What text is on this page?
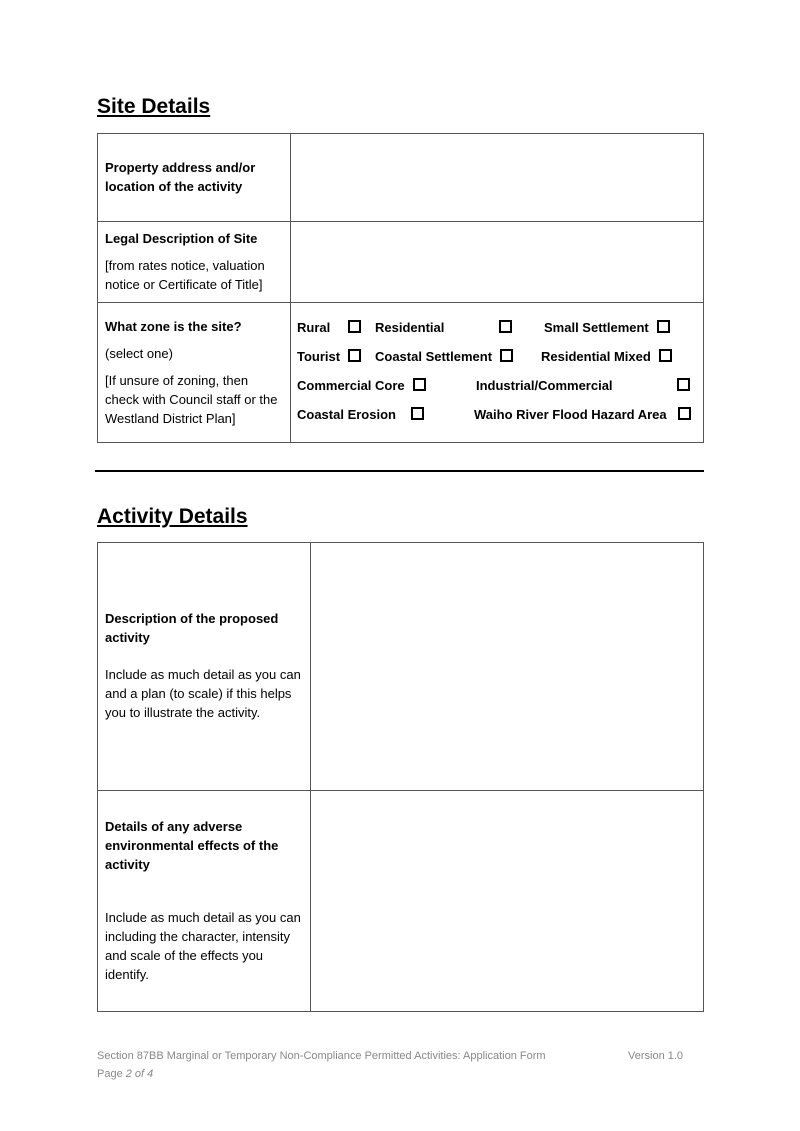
Site Details

Property address and/or location of the activity	

Legal Description of Site

[from rates notice, valuation notice or Certificate of Title]	

What zone is the site?

(select one)

[If unsure of zoning, then check with Council staff or the Westland District Plan]	

Rural	Residential	Small Settlement
Tourist	Coastal Settlement	Residential Mixed
Commercial Core	Industrial/Commercial
Coastal Erosion	Waiho River Flood Hazard Area
Activity Details

Description of the proposed activity

Include as much detail as you can and a plan (to scale) if this helps you to illustrate the activity.	

Details of any adverse environmental effects of the activity

Include as much detail as you can including the character, intensity and scale of the effects you identify.	

Section 87BB Marginal or Temporary Non-Compliance Permitted Activities: Application Form	Version 1.0
Page 2 of 4
